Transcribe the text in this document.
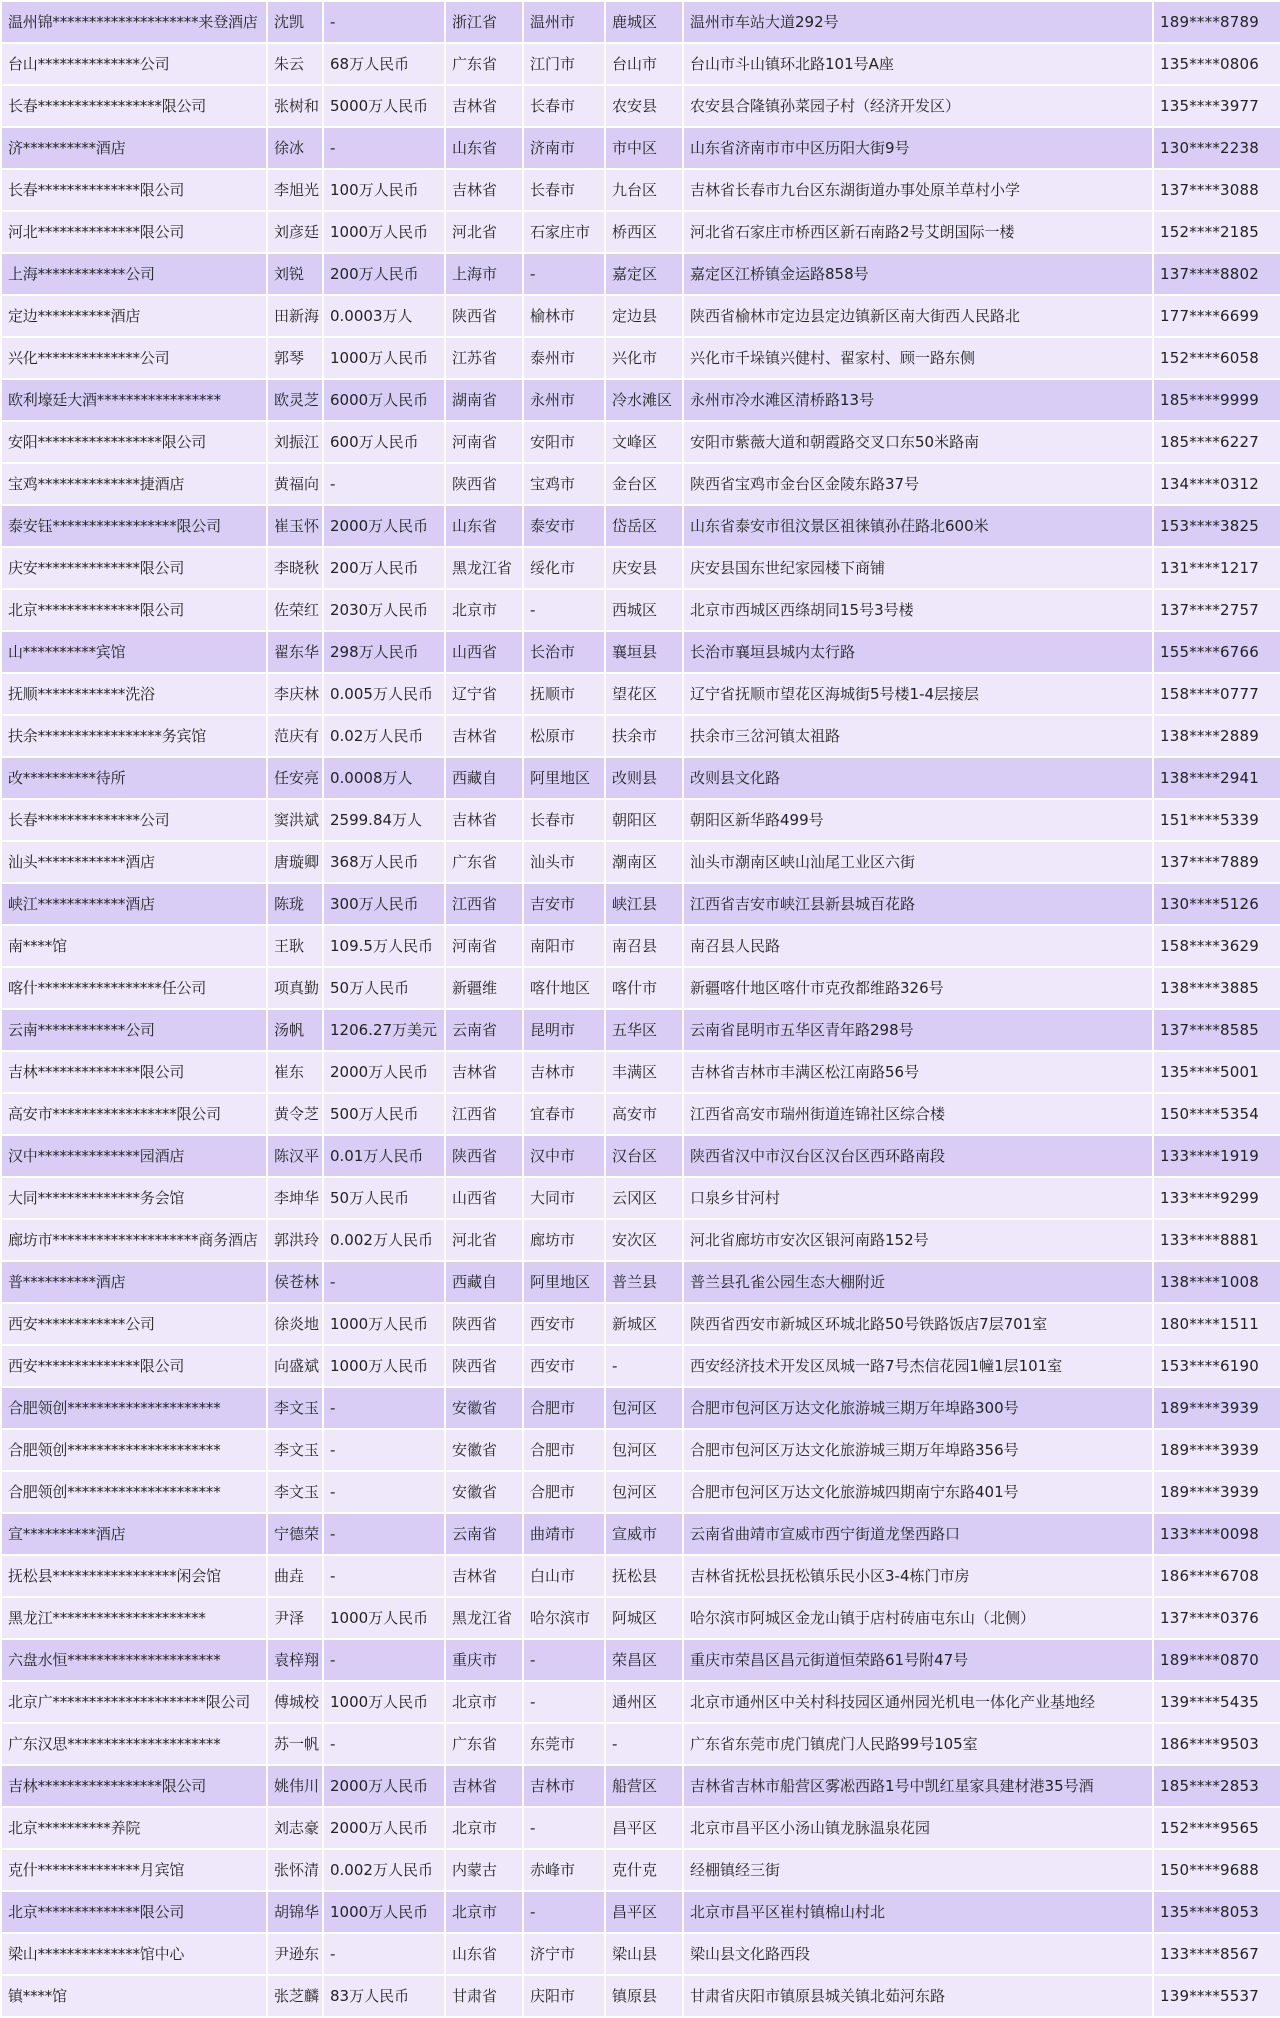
温州锦********************来登酒店	沈凯	-	浙江省	温州市	鹿城区	温州市车站大道292号	189****8789
台山**************公司	朱云	68万人民币	广东省	江门市	台山市	台山市斗山镇环北路101号A座	135****0806
长春*****************限公司	张树和	5000万人民币	吉林省	长春市	农安县	农安县合隆镇孙菜园子村（经济开发区）	135****3977
济**********酒店	徐冰	-	山东省	济南市	市中区	山东省济南市市中区历阳大街9号	130****2238
长春**************限公司	李旭光	100万人民币	吉林省	长春市	九台区	吉林省长春市九台区东湖街道办事处原羊草村小学	137****3088
河北**************限公司	刘彦廷	1000万人民币	河北省	石家庄市	桥西区	河北省石家庄市桥西区新石南路2号艾朗国际一楼	152****2185
上海************公司	刘锐	200万人民币	上海市	-	嘉定区	嘉定区江桥镇金运路858号	137****8802
定边**********酒店	田新海	0.0003万人	陕西省	榆林市	定边县	陕西省榆林市定边县定边镇新区南大街西人民路北	177****6699
兴化**************公司	郭琴	1000万人民币	江苏省	泰州市	兴化市	兴化市千垛镇兴健村、翟家村、顾一路东侧	152****6058
欧利壕廷大酒*****************	欧灵芝	6000万人民币	湖南省	永州市	冷水滩区	永州市冷水滩区清桥路13号	185****9999
安阳*****************限公司	刘振江	600万人民币	河南省	安阳市	文峰区	安阳市紫薇大道和朝霞路交叉口东50米路南	185****6227
宝鸡**************捷酒店	黄福向	-	陕西省	宝鸡市	金台区	陕西省宝鸡市金台区金陵东路37号	134****0312
泰安钰*****************限公司	崔玉怀	2000万人民币	山东省	泰安市	岱岳区	山东省泰安市徂汶景区祖徕镇孙茌路北600米	153****3825
庆安**************限公司	李晓秋	200万人民币	黑龙江省	绥化市	庆安县	庆安县国东世纪家园楼下商铺	131****1217
北京**************限公司	佐荣红	2030万人民币	北京市	-	西城区	北京市西城区西绦胡同15号3号楼	137****2757
山**********宾馆	翟东华	298万人民币	山西省	长治市	襄垣县	长治市襄垣县城内太行路	155****6766
抚顺************洗浴	李庆林	0.005万人民币	辽宁省	抚顺市	望花区	辽宁省抚顺市望花区海城街5号楼1-4层接层	158****0777
扶余*****************务宾馆	范庆有	0.02万人民币	吉林省	松原市	扶余市	扶余市三岔河镇太祖路	138****2889
改**********待所	任安亮	0.0008万人	西藏自	阿里地区	改则县	改则县文化路	138****2941
长春**************公司	窦洪斌	2599.84万人	吉林省	长春市	朝阳区	朝阳区新华路499号	151****5339
汕头************酒店	唐璇卿	368万人民币	广东省	汕头市	潮南区	汕头市潮南区峡山汕尾工业区六街	137****7889
峡江************酒店	陈珑	300万人民币	江西省	吉安市	峡江县	江西省吉安市峡江县新县城百花路	130****5126
南****馆	王耿	109.5万人民币	河南省	南阳市	南召县	南召县人民路	158****3629
喀什*****************任公司	项真勤	50万人民币	新疆维	喀什地区	喀什市	新疆喀什地区喀什市克孜都维路326号	138****3885
云南************公司	汤帆	1206.27万美元	云南省	昆明市	五华区	云南省昆明市五华区青年路298号	137****8585
吉林**************限公司	崔东	2000万人民币	吉林省	吉林市	丰满区	吉林省吉林市丰满区松江南路56号	135****5001
高安市*****************限公司	黄令芝	500万人民币	江西省	宜春市	高安市	江西省高安市瑞州街道连锦社区综合楼	150****5354
汉中**************园酒店	陈汉平	0.01万人民币	陕西省	汉中市	汉台区	陕西省汉中市汉台区汉台区西环路南段	133****1919
大同**************务会馆	李坤华	50万人民币	山西省	大同市	云冈区	口泉乡甘河村	133****9299
廊坊市********************商务酒店	郭洪玲	0.002万人民币	河北省	廊坊市	安次区	河北省廊坊市安次区银河南路152号	133****8881
普**********酒店	侯苍林	-	西藏自	阿里地区	普兰县	普兰县孔雀公园生态大棚附近	138****1008
西安************公司	徐炎地	1000万人民币	陕西省	西安市	新城区	陕西省西安市新城区环城北路50号铁路饭店7层701室	180****1511
西安**************限公司	向盛斌	1000万人民币	陕西省	西安市	-	西安经济技术开发区凤城一路7号杰信花园1幢1层101室	153****6190
合肥领创*********************	李文玉	-	安徽省	合肥市	包河区	合肥市包河区万达文化旅游城三期万年埠路300号	189****3939
合肥领创*********************	李文玉	-	安徽省	合肥市	包河区	合肥市包河区万达文化旅游城三期万年埠路356号	189****3939
合肥领创*********************	李文玉	-	安徽省	合肥市	包河区	合肥市包河区万达文化旅游城四期南宁东路401号	189****3939
宣**********酒店	宁德荣	-	云南省	曲靖市	宣威市	云南省曲靖市宣威市西宁街道龙堡西路口	133****0098
抚松县*****************闲会馆	曲垚	-	吉林省	白山市	抚松县	吉林省抚松县抚松镇乐民小区3-4栋门市房	186****6708
黑龙江*********************	尹泽	1000万人民币	黑龙江省	哈尔滨市	阿城区	哈尔滨市阿城区金龙山镇于店村砖庙屯东山（北侧）	137****0376
六盘水恒*********************	袁梓翔	-	重庆市	-	荣昌区	重庆市荣昌区昌元街道恒荣路61号附47号	189****0870
北京广*********************限公司	傅城校	1000万人民币	北京市	-	通州区	北京市通州区中关村科技园区通州园光机电一体化产业基地经	139****5435
广东汉思*********************	苏一帆	-	广东省	东莞市	-	广东省东莞市虎门镇虎门人民路99号105室	186****9503
吉林*****************限公司	姚伟川	2000万人民币	吉林省	吉林市	船营区	吉林省吉林市船营区雾凇西路1号中凯红星家具建材港35号酒	185****2853
北京**********养院	刘志豪	2000万人民币	北京市	-	昌平区	北京市昌平区小汤山镇龙脉温泉花园	152****9565
克什**************月宾馆	张怀清	0.002万人民币	内蒙古	赤峰市	克什克	经棚镇经三街	150****9688
北京**************限公司	胡锦华	1000万人民币	北京市	-	昌平区	北京市昌平区崔村镇棉山村北	135****8053
梁山**************馆中心	尹逊东	-	山东省	济宁市	梁山县	梁山县文化路西段	133****8567
镇****馆	张芝麟	83万人民币	甘肃省	庆阳市	镇原县	甘肃省庆阳市镇原县城关镇北茹河东路	139****5537
